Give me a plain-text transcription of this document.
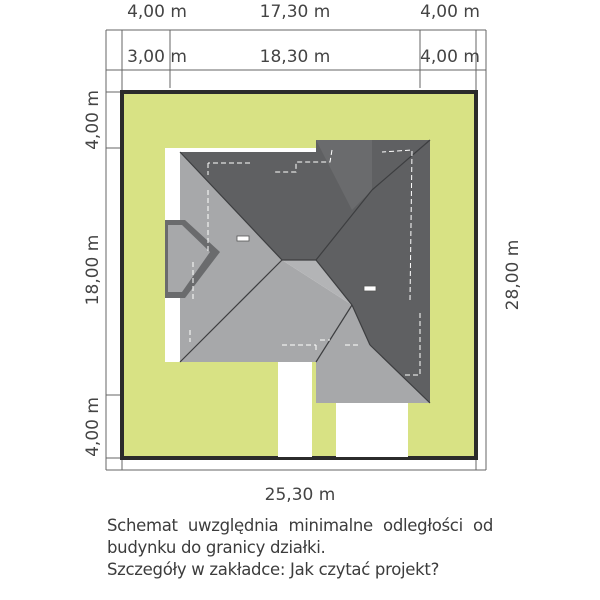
4,00 m	17,30 m	4,00 m
3,00 m	18,30 m	4,00 m
4,00 m
18,00 m
4,00 m
28,00 m
25,30 m
Schemat uwzględnia minimalne odległości od
budynku do granicy działki.
Szczegóły w zakładce: Jak czytać projekt?
